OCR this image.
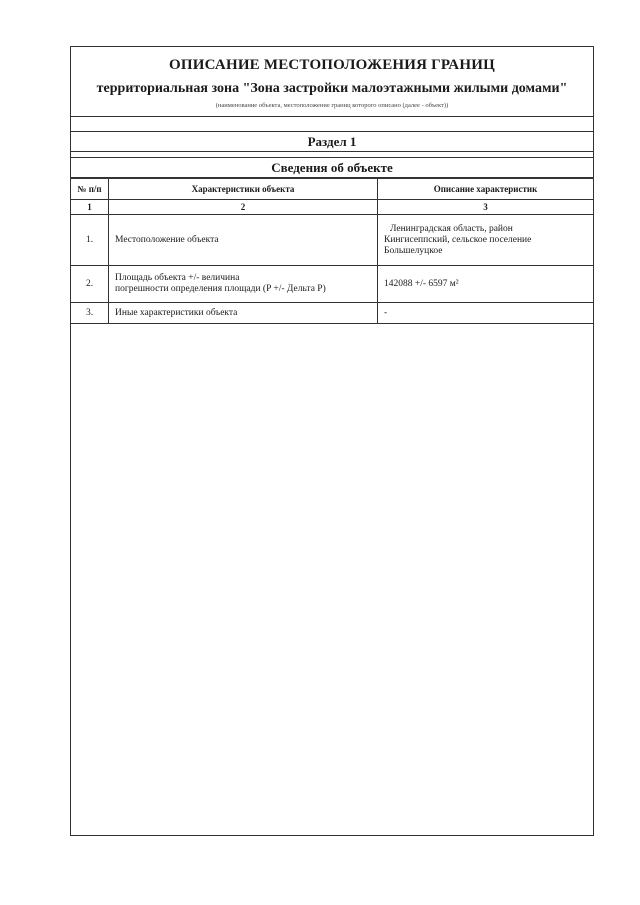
ОПИСАНИЕ МЕСТОПОЛОЖЕНИЯ ГРАНИЦ
территориальная зона "Зона застройки малоэтажными жилыми домами"
(наименование объекта, местоположение границ которого описано (далее - объект))
Раздел 1
Сведения об объекте
№ п/п	Характеристики объекта	Описание характеристик
1	2	3
1.	Местоположение объекта	Ленинградская область, район
Кингисеппский, сельское поселение
Большелуцкое

2.	Площадь объекта +/- величина
погрешности определения площади (P +/- Дельта P)	142088 +/- 6597 м²
3.	Иные характеристики объекта	-
